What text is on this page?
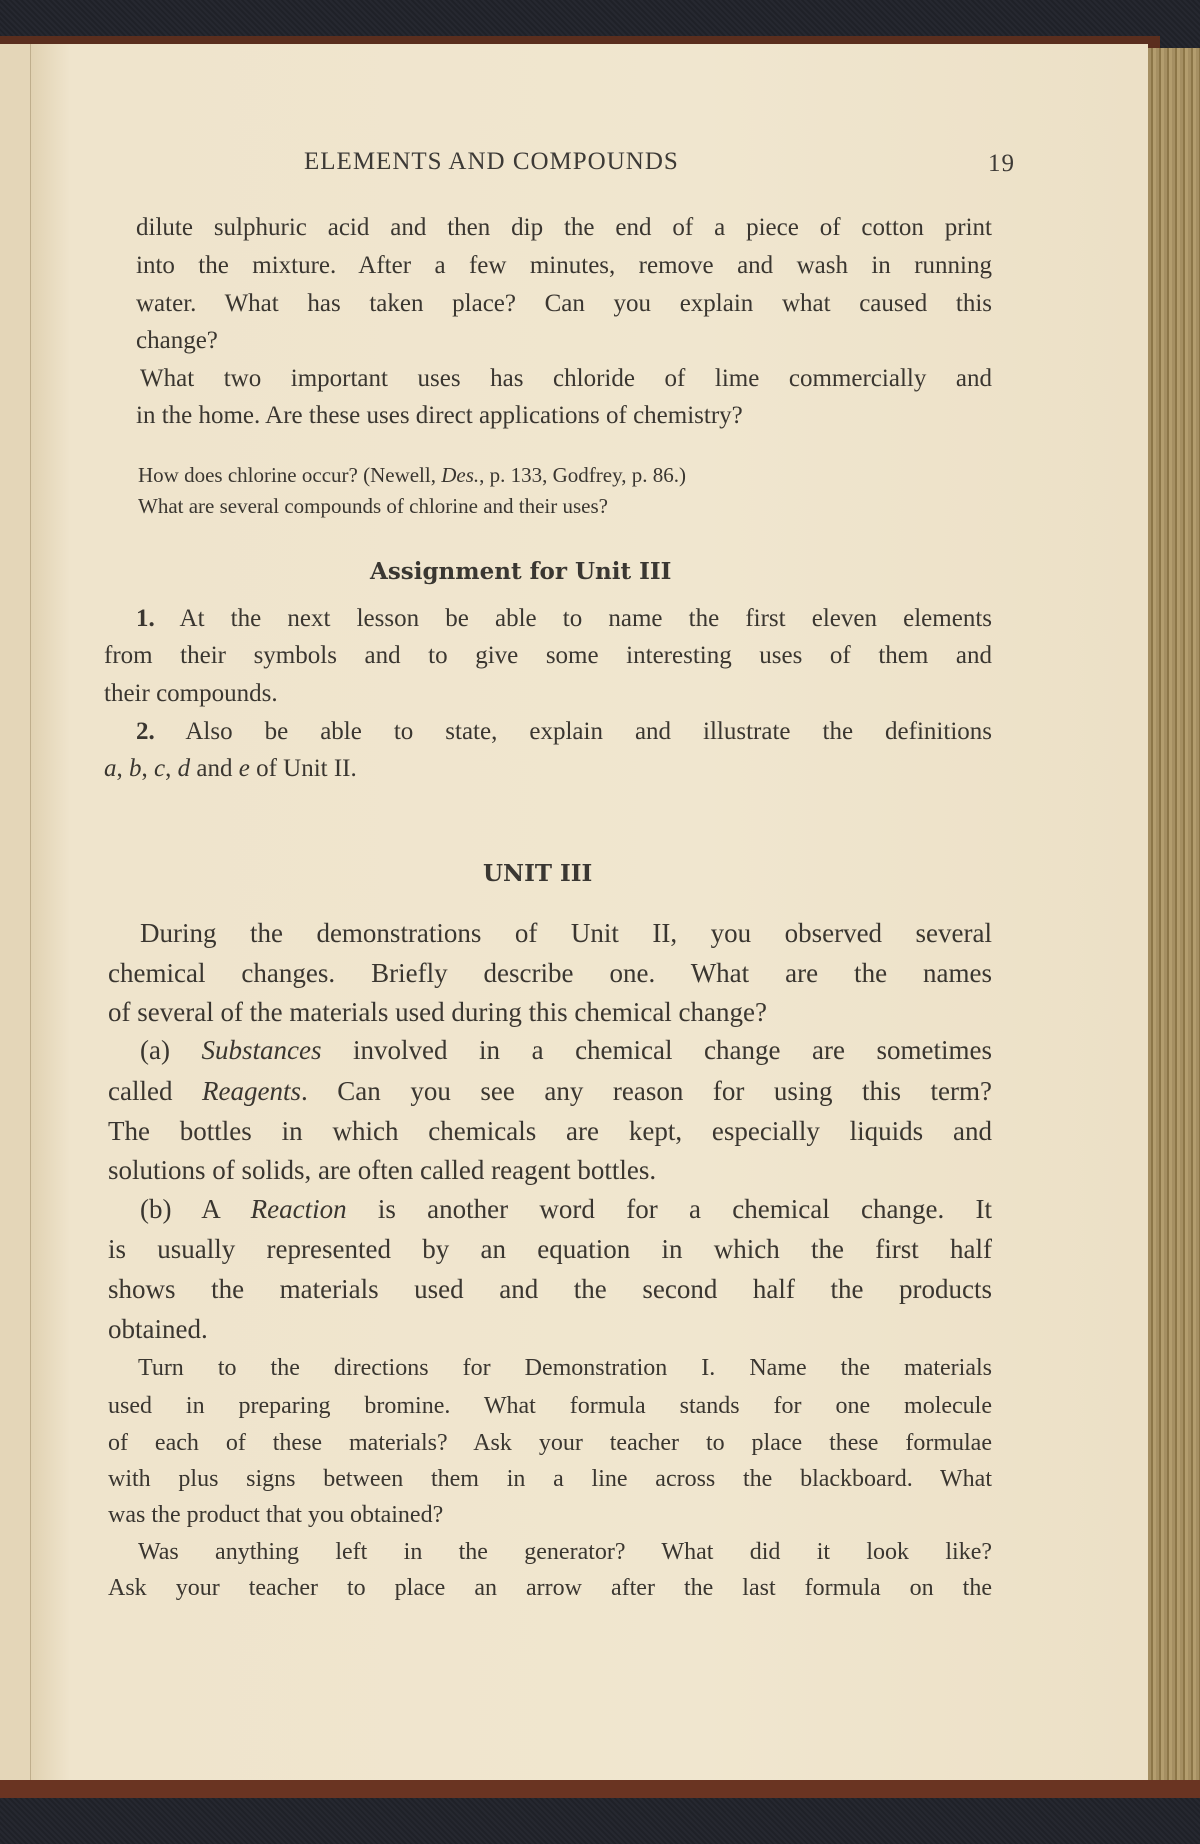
ELEMENTS AND COMPOUNDS	19
dilute sulphuric acid and then dip the end of a piece of cotton print
into the mixture. After a few minutes, remove and wash in running
water. What has taken place? Can you explain what caused this
change?
What two important uses has chloride of lime commercially and
in the home. Are these uses direct applications of chemistry?
How does chlorine occur? (Newell, Des., p. 133, Godfrey, p. 86.)
What are several compounds of chlorine and their uses?
Assignment for Unit III
1. At the next lesson be able to name the first eleven elements
from their symbols and to give some interesting uses of them and
their compounds.
2. Also be able to state, explain and illustrate the definitions
a, b, c, d and e of Unit II.
UNIT III
During the demonstrations of Unit II, you observed several
chemical changes. Briefly describe one. What are the names
of several of the materials used during this chemical change?
(a) Substances involved in a chemical change are sometimes
called Reagents. Can you see any reason for using this term?
The bottles in which chemicals are kept, especially liquids and
solutions of solids, are often called reagent bottles.
(b) A Reaction is another word for a chemical change. It
is usually represented by an equation in which the first half
shows the materials used and the second half the products
obtained.
Turn to the directions for Demonstration I. Name the materials
used in preparing bromine. What formula stands for one molecule
of each of these materials? Ask your teacher to place these formulae
with plus signs between them in a line across the blackboard. What
was the product that you obtained?
Was anything left in the generator? What did it look like?
Ask your teacher to place an arrow after the last formula on the
